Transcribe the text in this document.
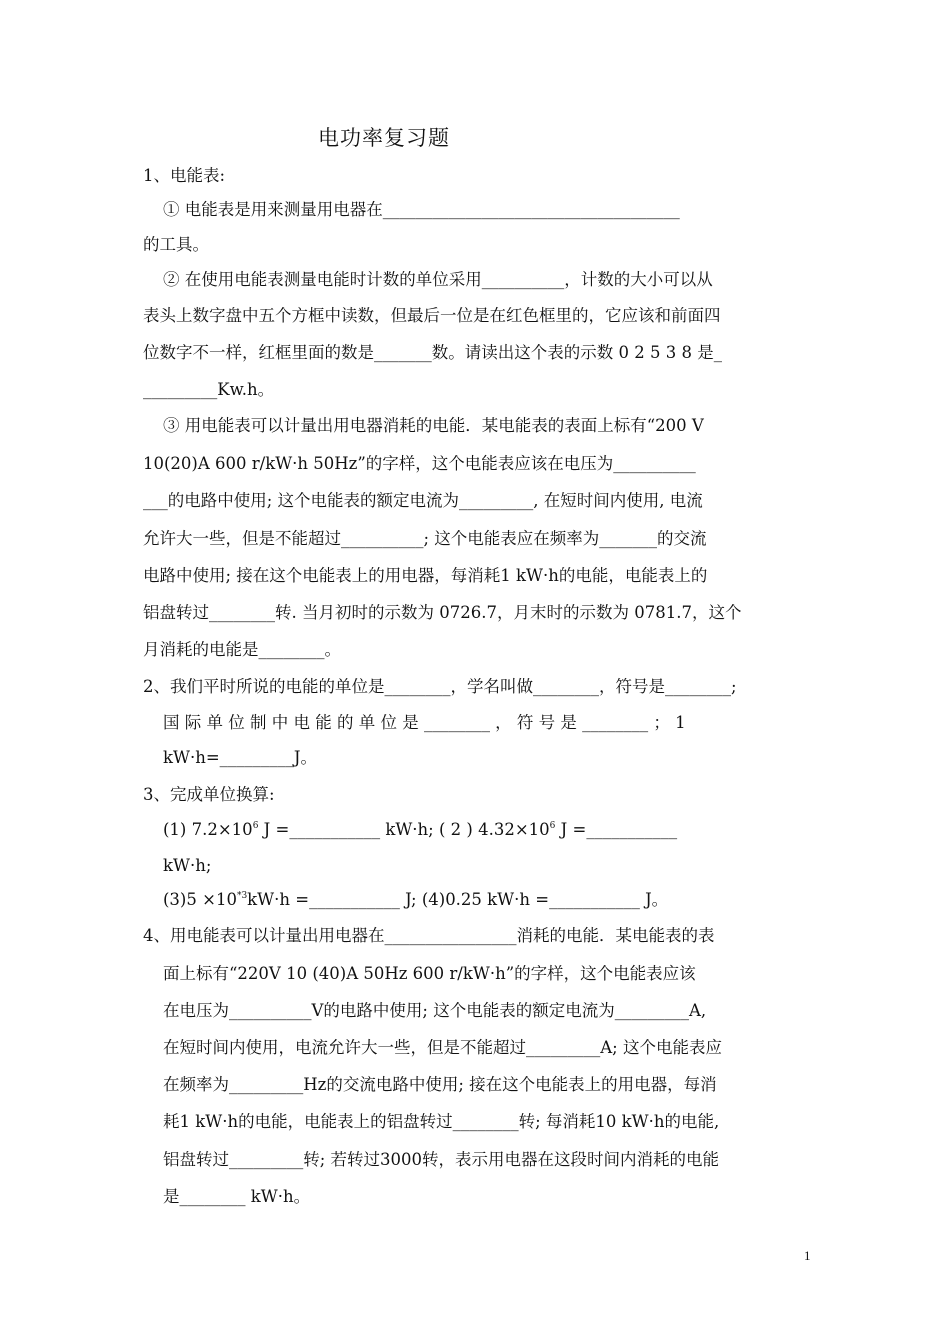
电功率复习题
1、电能表:
① 电能表是用来测量用电器在____________________________________
的工具。
② 在使用电能表测量电能时计数的单位采用__________，计数的大小可以从
表头上数字盘中五个方框中读数，但最后一位是在红色框里的，它应该和前面四
位数字不一样，红框里面的数是_______数。请读出这个表的示数 0 2 5 3 8 是_
_________Kw.h。
③ 用电能表可以计量出用电器消耗的电能．某电能表的表面上标有“200 V
10(20)A 600 r/kW·h 50Hz”的字样，这个电能表应该在电压为__________
___的电路中使用; 这个电能表的额定电流为_________, 在短时间内使用, 电流
允许大一些，但是不能超过__________; 这个电能表应在频率为_______的交流
电路中使用; 接在这个电能表上的用电器，每消耗1 kW·h的电能，电能表上的
铝盘转过________转. 当月初时的示数为 0726.7，月末时的示数为 0781.7，这个
月消耗的电能是________。
2、我们平时所说的电能的单位是________，学名叫做________，符号是________;
国 际 单 位 制 中 电 能 的 单 位 是 ________ ， 符 号 是 ________ ； 1
kW·h=_________J。
3、完成单位换算:
(1) $7.2\times 10^6$ J =___________ kW·h; ( 2 ) $4.32\times 10^6$ J =___________
kW·h;
$(3)5 \times 10^{*3}kW\cdot h$ =___________ J; (4)0.25 kW·h =___________ J。
4、用电能表可以计量出用电器在________________消耗的电能．某电能表的表
面上标有“220V 10 (40)A 50Hz 600 r/kW·h”的字样，这个电能表应该
在电压为__________V的电路中使用; 这个电能表的额定电流为_________A,
在短时间内使用，电流允许大一些，但是不能超过_________A; 这个电能表应
在频率为_________Hz的交流电路中使用; 接在这个电能表上的用电器，每消
耗1 kW·h的电能，电能表上的铝盘转过________转; 每消耗10 kW·h的电能,
铝盘转过_________转; 若转过3000转，表示用电器在这段时间内消耗的电能
是________ kW·h。
1
